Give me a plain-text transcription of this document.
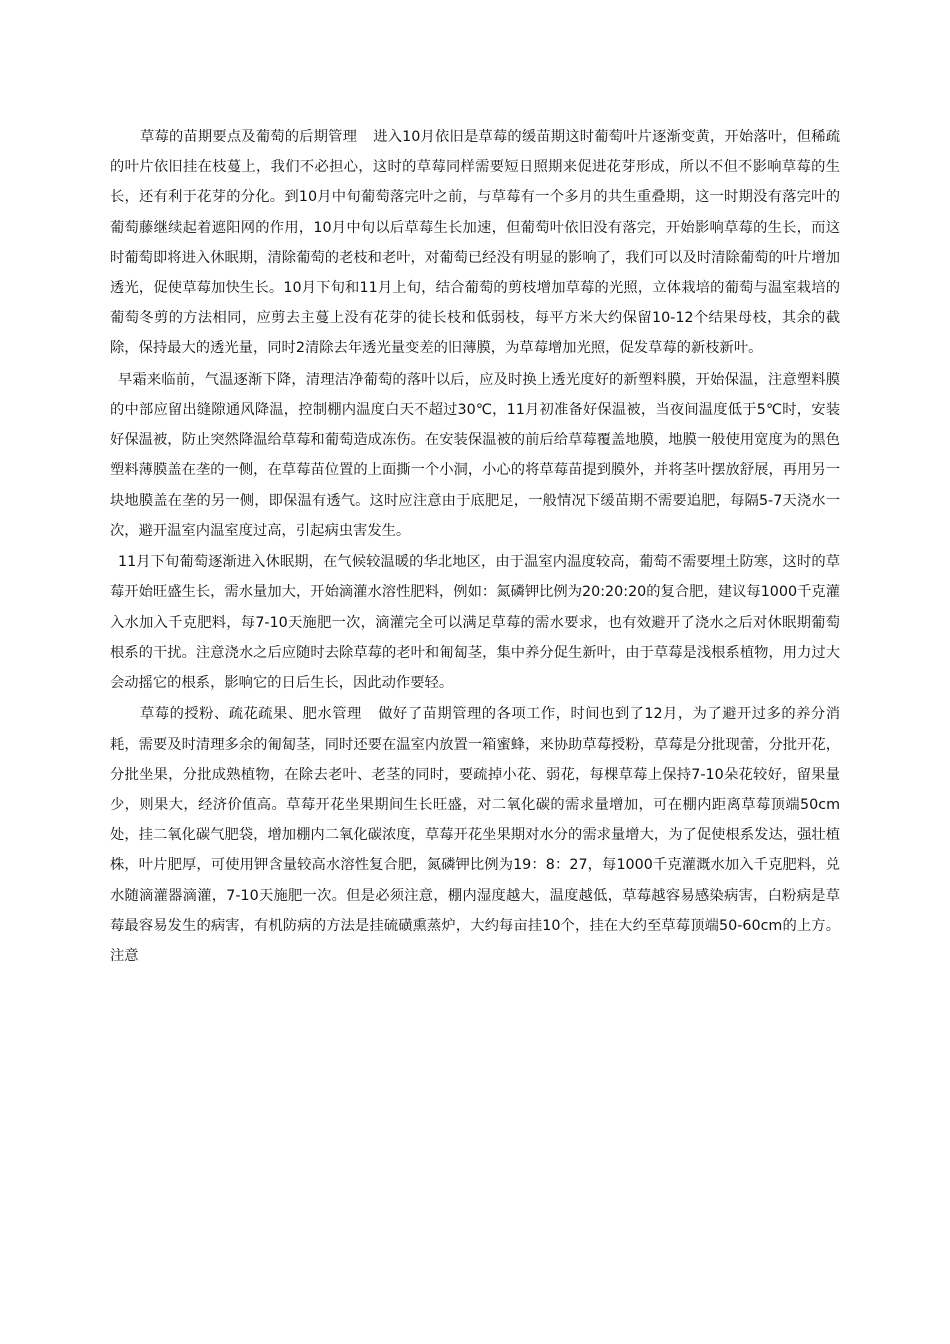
草莓的苗期要点及葡萄的后期管理 进入10月依旧是草莓的缓苗期这时葡萄叶片逐渐变黄，开始落叶，但稀疏的叶片依旧挂在枝蔓上，我们不必担心，这时的草莓同样需要短日照期来促进花芽形成，所以不但不影响草莓的生长，还有利于花芽的分化。到10月中旬葡萄落完叶之前，与草莓有一个多月的共生重叠期，这一时期没有落完叶的葡萄藤继续起着遮阳网的作用，10月中旬以后草莓生长加速，但葡萄叶依旧没有落完，开始影响草莓的生长，而这时葡萄即将进入休眠期，清除葡萄的老枝和老叶，对葡萄已经没有明显的影响了，我们可以及时清除葡萄的叶片增加透光，促使草莓加快生长。10月下旬和11月上旬，结合葡萄的剪枝增加草莓的光照，立体栽培的葡萄与温室栽培的葡萄冬剪的方法相同，应剪去主蔓上没有花芽的徒长枝和低弱枝，每平方米大约保留10-12个结果母枝，其余的截除，保持最大的透光量，同时2清除去年透光量变差的旧薄膜，为草莓增加光照，促发草莓的新枝新叶。

早霜来临前，气温逐渐下降，清理洁净葡萄的落叶以后，应及时换上透光度好的新塑料膜，开始保温，注意塑料膜的中部应留出缝隙通风降温，控制棚内温度白天不超过30℃，11月初准备好保温被，当夜间温度低于5℃时，安装好保温被，防止突然降温给草莓和葡萄造成冻伤。在安装保温被的前后给草莓覆盖地膜，地膜一般使用宽度为的黑色塑料薄膜盖在垄的一侧，在草莓苗位置的上面撕一个小洞，小心的将草莓苗提到膜外，并将茎叶摆放舒展，再用另一块地膜盖在垄的另一侧，即保温有透气。这时应注意由于底肥足，一般情况下缓苗期不需要追肥，每隔5-7天浇水一次，避开温室内温室度过高，引起病虫害发生。

11月下旬葡萄逐渐进入休眠期，在气候较温暖的华北地区，由于温室内温度较高，葡萄不需要埋土防寒，这时的草莓开始旺盛生长，需水量加大，开始滴灌水溶性肥料，例如：氮磷钾比例为20:20:20的复合肥，建议每1000千克灌入水加入千克肥料，每7-10天施肥一次，滴灌完全可以满足草莓的需水要求，也有效避开了浇水之后对休眠期葡萄根系的干扰。注意浇水之后应随时去除草莓的老叶和匍匐茎，集中养分促生新叶，由于草莓是浅根系植物，用力过大会动摇它的根系，影响它的日后生长，因此动作要轻。

草莓的授粉、疏花疏果、肥水管理 做好了苗期管理的各项工作，时间也到了12月，为了避开过多的养分消耗，需要及时清理多余的匍匐茎，同时还要在温室内放置一箱蜜蜂，来协助草莓授粉，草莓是分批现蕾，分批开花，分批坐果，分批成熟植物，在除去老叶、老茎的同时，要疏掉小花、弱花，每棵草莓上保持7-10朵花较好，留果量少，则果大，经济价值高。草莓开花坐果期间生长旺盛，对二氧化碳的需求量增加，可在棚内距离草莓顶端50cm处，挂二氧化碳气肥袋，增加棚内二氧化碳浓度，草莓开花坐果期对水分的需求量增大，为了促使根系发达，强壮植株，叶片肥厚，可使用钾含量较高水溶性复合肥，氮磷钾比例为19：8：27，每1000千克灌溉水加入千克肥料，兑水随滴灌器滴灌，7-10天施肥一次。但是必须注意，棚内湿度越大，温度越低，草莓越容易感染病害，白粉病是草莓最容易发生的病害，有机防病的方法是挂硫磺熏蒸炉，大约每亩挂10个，挂在大约至草莓顶端50-60cm的上方。注意
